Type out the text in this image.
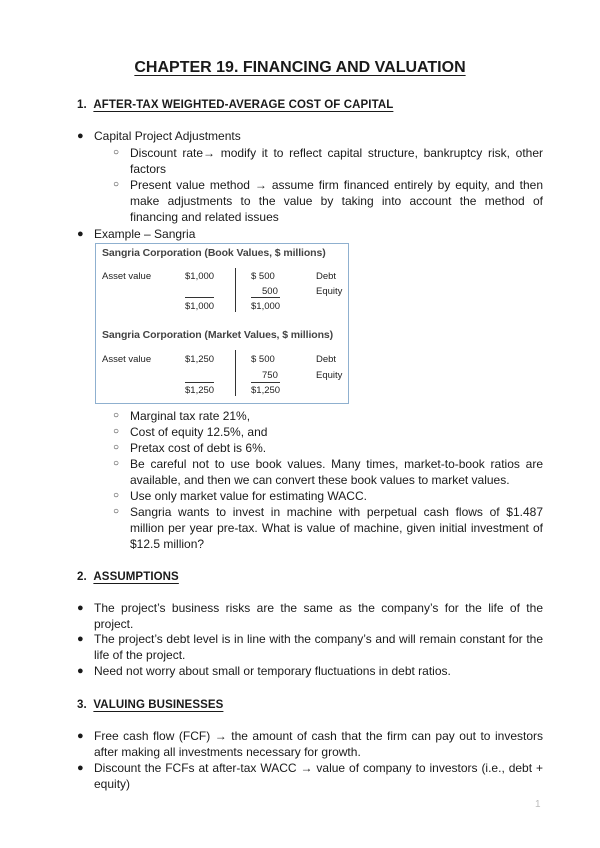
CHAPTER 19. FINANCING AND VALUATION
1. AFTER-TAX WEIGHTED-AVERAGE COST OF CAPITAL
● Capital Project Adjustments
○ Discount rate→ modify it to reflect capital structure, bankruptcy risk, other
factors
○ Present value method → assume firm financed entirely by equity, and then
make adjustments to the value by taking into account the method of
financing and related issues
● Example – Sangria
Sangria Corporation (Book Values, $ millions)
Asset value	$1,000
$1,000
$ 500
500
$1,000
Debt
Equity
Sangria Corporation (Market Values, $ millions)
Asset value	$1,250
$1,250
$ 500
750
$1,250
Debt
Equity
○ Marginal tax rate 21%,
○ Cost of equity 12.5%, and
○ Pretax cost of debt is 6%.
○ Be careful not to use book values. Many times, market-to-book ratios are
available, and then we can convert these book values to market values.
○ Use only market value for estimating WACC.
○ Sangria wants to invest in machine with perpetual cash flows of $1.487
million per year pre-tax. What is value of machine, given initial investment of
$12.5 million?
2. ASSUMPTIONS
● The project’s business risks are the same as the company’s for the life of the
project.
● The project’s debt level is in line with the company’s and will remain constant for the
life of the project.
● Need not worry about small or temporary fluctuations in debt ratios.
3. VALUING BUSINESSES
● Free cash flow (FCF) → the amount of cash that the firm can pay out to investors
after making all investments necessary for growth.
● Discount the FCFs at after-tax WACC → value of company to investors (i.e., debt +
equity)
1
